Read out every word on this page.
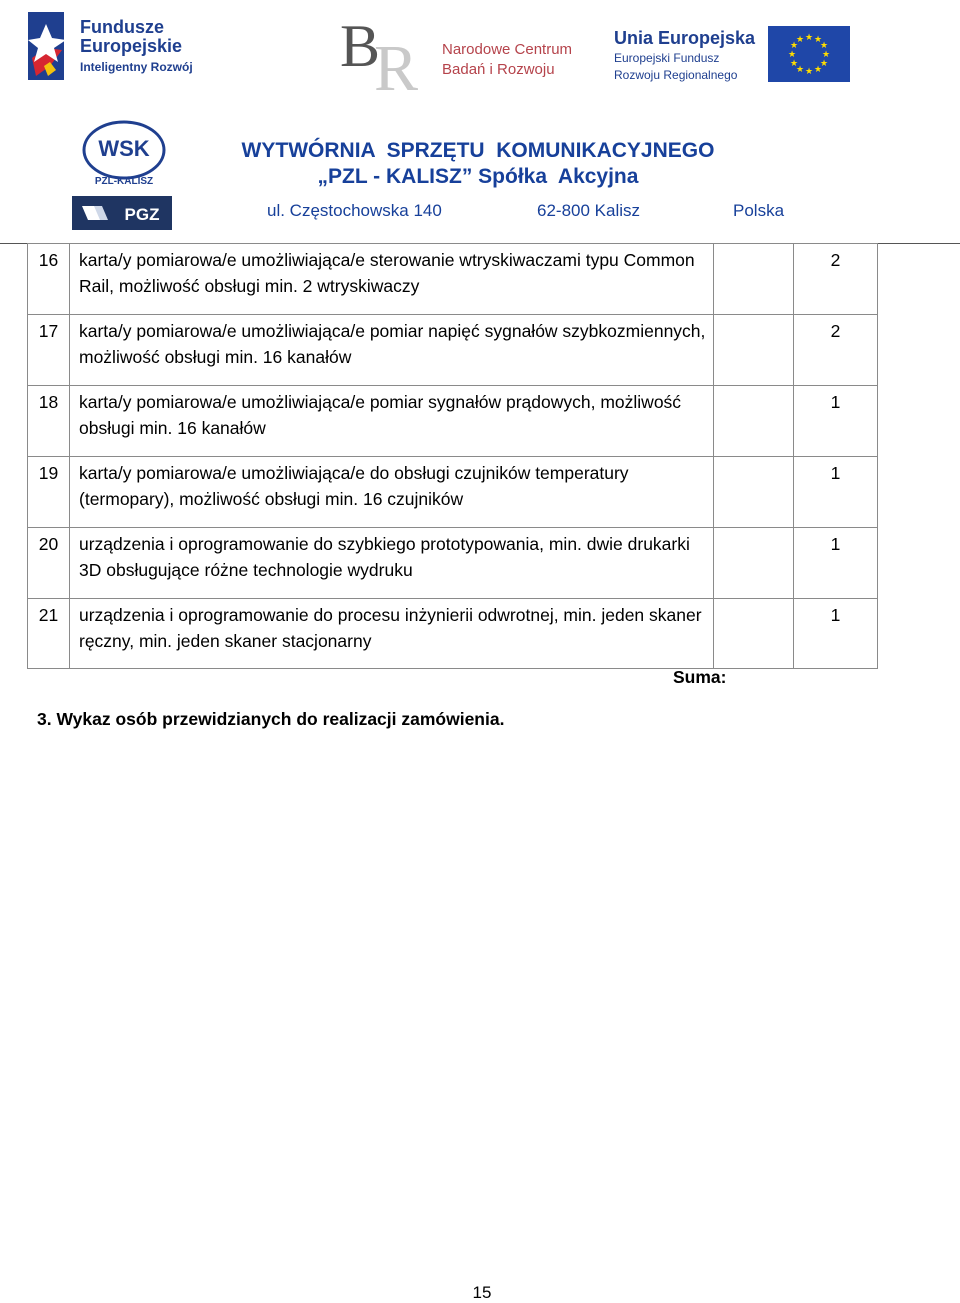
Fundusze
Europejskie
Inteligentny Rozwój B
R Narodowe Centrum
Badań i Rozwoju
Unia Europejska
Europejski Fundusz
Rozwoju Regionalnego
★ ★
★
★
★
★
★
★
★
★
★
★
WSK
PZL-KALISZ
PGZ
WYTWÓRNIA  SPRZĘTU  KOMUNIKACYJNEGO
„PZL - KALISZ” Spółka  Akcyjna
ul. Częstochowska 140	62-800 Kalisz	Polska
16	karta/y pomiarowa/e umożliwiająca/e sterowanie wtryskiwaczami typu Common Rail, możliwość obsługi min. 2 wtryskiwaczy		2
17	karta/y pomiarowa/e umożliwiająca/e pomiar napięć sygnałów szybkozmiennych, możliwość obsługi min. 16 kanałów		2
18	karta/y pomiarowa/e umożliwiająca/e pomiar sygnałów prądowych, możliwość obsługi min. 16 kanałów		1
19	karta/y pomiarowa/e umożliwiająca/e do obsługi czujników temperatury (termopary), możliwość obsługi min. 16 czujników		1
20	urządzenia i oprogramowanie do szybkiego prototypowania, min. dwie drukarki 3D obsługujące różne technologie wydruku		1
21	urządzenia i oprogramowanie do procesu inżynierii odwrotnej, min. jeden skaner ręczny, min. jeden skaner stacjonarny		1
Suma:
3. Wykaz osób przewidzianych do realizacji zamówienia.
15
